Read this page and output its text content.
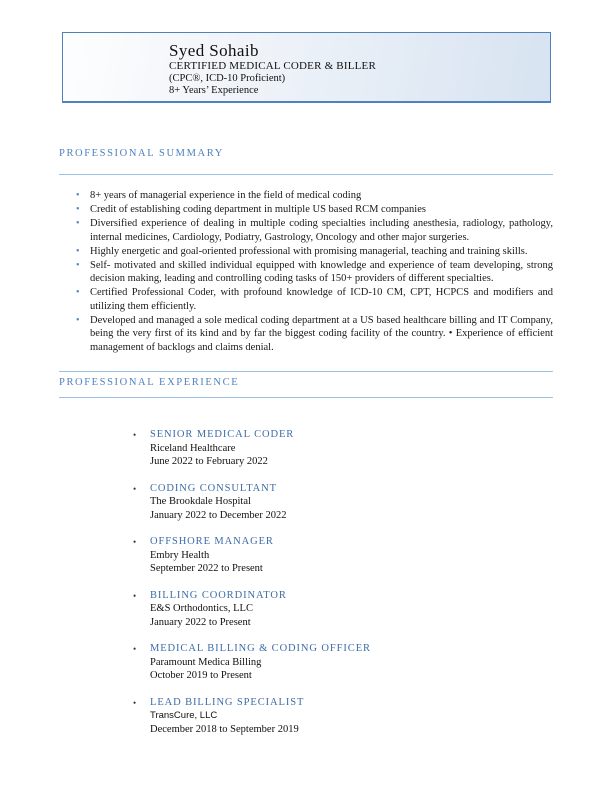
Syed Sohaib
CERTIFIED MEDICAL CODER & BILLER
(CPC®, ICD-10 Proficient)
8+ Years’ Experience
PROFESSIONAL SUMMARY
• 8+ years of managerial experience in the field of medical coding
• Credit of establishing coding department in multiple US based RCM companies
• Diversified experience of dealing in multiple coding specialties including anesthesia, radiology, pathology, internal medicines, Cardiology, Podiatry, Gastrology, Oncology and other major surgeries.
• Highly energetic and goal-oriented professional with promising managerial, teaching and training skills.
• Self- motivated and skilled individual equipped with knowledge and experience of team developing, strong decision making, leading and controlling coding tasks of 150+ providers of different specialties.
• Certified Professional Coder, with profound knowledge of ICD-10 CM, CPT, HCPCS and modifiers and utilizing them efficiently.
• Developed and managed a sole medical coding department at a US based healthcare billing and IT Company, being the very first of its kind and by far the biggest coding facility of the country. • Experience of efficient management of backlogs and claims denial.
PROFESSIONAL EXPERIENCE
•	SENIOR MEDICAL CODER
Riceland Healthcare
June 2022 to February 2022
•	CODING CONSULTANT
The Brookdale Hospital
January 2022 to December 2022
•	OFFSHORE MANAGER
Embry Health
September 2022 to Present
•	BILLING COORDINATOR
E&S Orthodontics, LLC
January 2022 to Present
•	MEDICAL BILLING & CODING OFFICER
Paramount Medica Billing
October 2019 to Present
•	LEAD BILLING SPECIALIST
TransCure, LLC
December 2018 to September 2019
